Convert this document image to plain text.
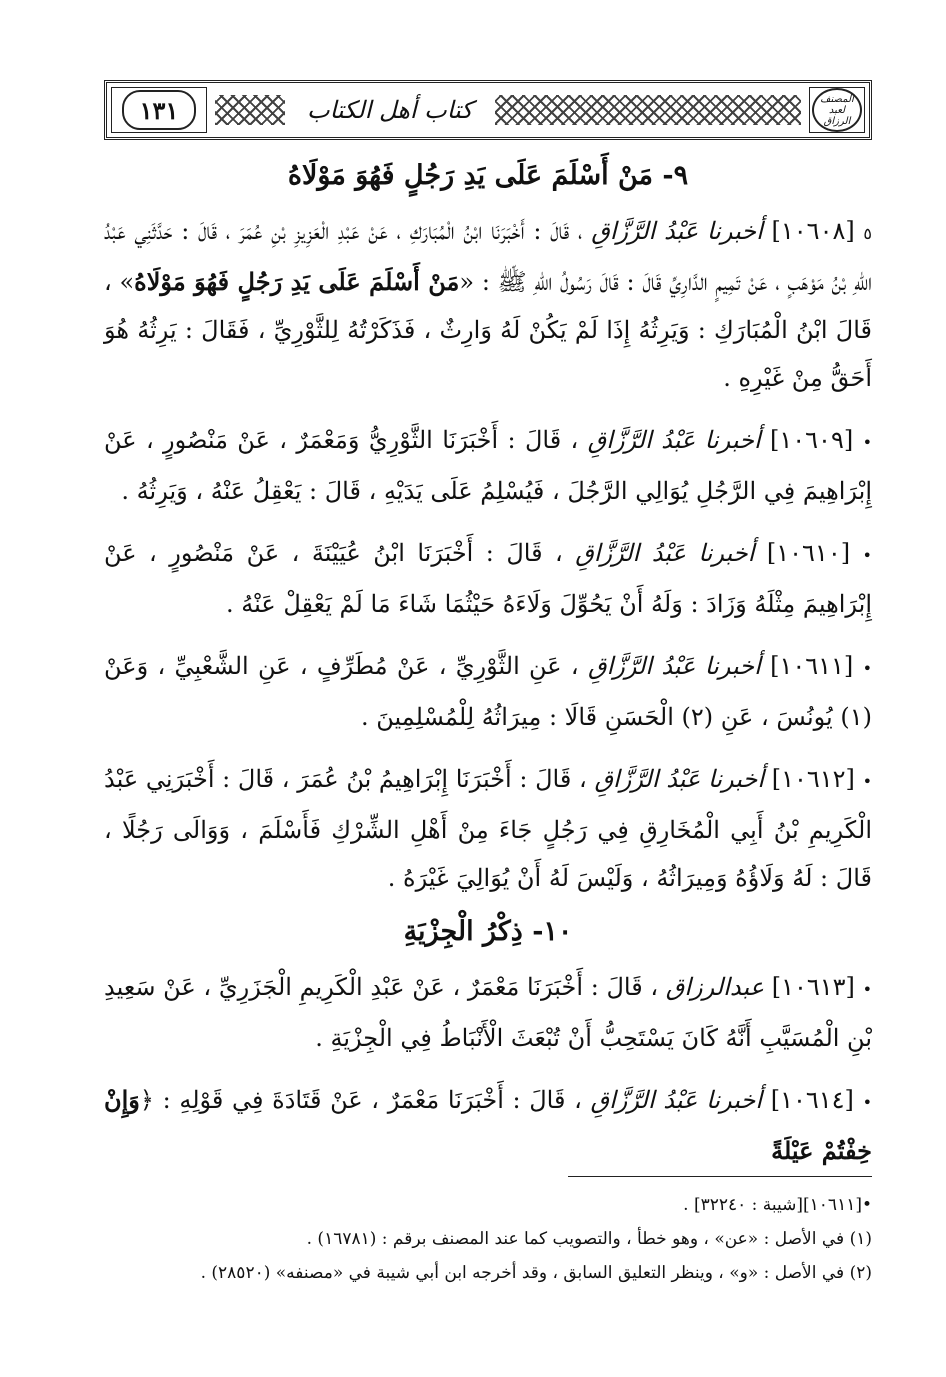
١٣١	كتاب أهل الكتاب	المصنف لعبد الرزاق
٩- مَنْ أَسْلَمَ عَلَى يَدِ رَجُلٍ فَهُوَ مَوْلَاهُ

٥ [١٠٦٠٨] أخبرنا عَبْدُ الرَّزَّاقِ ، قَالَ : أَخْبَرَنَا ابْنُ الْمُبَارَكِ ، عَنْ عَبْدِ الْعَزِيزِ بْنِ عُمَرَ ، قَالَ : حَدَّثَنِي عَبْدُ اللهِ بْنُ مَوْهَبٍ ، عَنْ تَمِيمٍ الدَّارِيِّ قَالَ : قَالَ رَسُولُ اللهِ ﷺ : «مَنْ أَسْلَمَ عَلَى يَدِ رَجُلٍ فَهُوَ مَوْلَاهُ» ، قَالَ ابْنُ الْمُبَارَكِ : وَيَرِثُهُ إِذَا لَمْ يَكُنْ لَهُ وَارِثٌ ، فَذَكَرْتُهُ لِلثَّوْرِيِّ ، فَقَالَ : يَرِثُهُ هُوَ أَحَقُّ مِنْ غَيْرِهِ .

• [١٠٦٠٩] أخبرنا عَبْدُ الرَّزَّاقِ ، قَالَ : أَخْبَرَنَا الثَّوْرِيُّ وَمَعْمَرٌ ، عَنْ مَنْصُورٍ ، عَنْ إِبْرَاهِيمَ فِي الرَّجُلِ يُوَالِي الرَّجُلَ ، فَيُسْلِمُ عَلَى يَدَيْهِ ، قَالَ : يَعْقِلُ عَنْهُ ، وَيَرِثُهُ .

• [١٠٦١٠] أخبرنا عَبْدُ الرَّزَّاقِ ، قَالَ : أَخْبَرَنَا ابْنُ عُيَيْنَةَ ، عَنْ مَنْصُورٍ ، عَنْ إِبْرَاهِيمَ مِثْلَهُ وَزَادَ : وَلَهُ أَنْ يَحُوِّلَ وَلَاءَهُ حَيْثُمَا شَاءَ مَا لَمْ يَعْقِلْ عَنْهُ .

• [١٠٦١١] أخبرنا عَبْدُ الرَّزَّاقِ ، عَنِ الثَّوْرِيِّ ، عَنْ مُطَرِّفٍ ، عَنِ الشَّعْبِيِّ ، وَعَنْ (١) يُونُسَ ، عَنِ (٢) الْحَسَنِ قَالَا : مِيرَاثُهُ لِلْمُسْلِمِينَ .

• [١٠٦١٢] أخبرنا عَبْدُ الرَّزَّاقِ ، قَالَ : أَخْبَرَنَا إِبْرَاهِيمُ بْنُ عُمَرَ ، قَالَ : أَخْبَرَنِي عَبْدُ الْكَرِيمِ بْنُ أَبِي الْمُخَارِقِ فِي رَجُلٍ جَاءَ مِنْ أَهْلِ الشِّرْكِ فَأَسْلَمَ ، وَوَالَى رَجُلًا ، قَالَ : لَهُ وَلَاؤُهُ وَمِيرَاثُهُ ، وَلَيْسَ لَهُ أَنْ يُوَالِيَ غَيْرَهُ .

١٠- ذِكْرُ الْجِزْيَةِ

• [١٠٦١٣] عبدالرزاق ، قَالَ : أَخْبَرَنَا مَعْمَرٌ ، عَنْ عَبْدِ الْكَرِيمِ الْجَزَرِيِّ ، عَنْ سَعِيدِ بْنِ الْمُسَيَّبِ أَنَّهُ كَانَ يَسْتَحِبُّ أَنْ تُبْعَثَ الْأَنْبَاطُ فِي الْجِزْيَةِ .

• [١٠٦١٤] أخبرنا عَبْدُ الرَّزَّاقِ ، قَالَ : أَخْبَرَنَا مَعْمَرٌ ، عَنْ قَتَادَةَ فِي قَوْلِهِ : ﴿وَإِنْ خِفْتُمْ عَيْلَةً

•[١٠٦١١][شيبة : ٣٢٢٤٠] .

(١) في الأصل : «عن» ، وهو خطأ ، والتصويب كما عند المصنف برقم : (١٦٧٨١) .

(٢) في الأصل : «و» ، وينظر التعليق السابق ، وقد أخرجه ابن أبي شيبة في «مصنفه» (٢٨٥٢٠) .
